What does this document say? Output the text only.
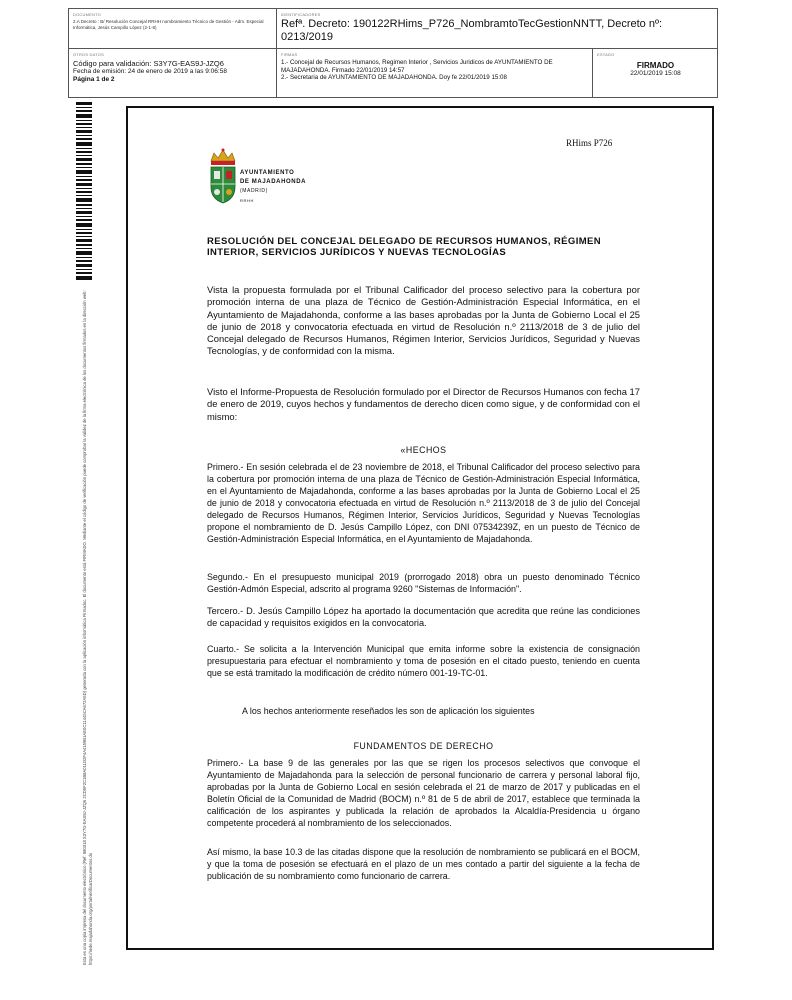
DOCUMENTO
2.A Decreto : B/ Resolución Concejal RRHH nombramiento Técnico de Gestión - Adm. Especial Informática, Jesús Campillo López (2-1-8)
IDENTIFICADORES
Refª. Decreto: 190122RHims_P726_NombramtoTecGestionNNTT, Decreto nº: 0213/2019
OTROS DATOS
Código para validación: S3Y7G-EAS9J-JZQ6
Fecha de emisión: 24 de enero de 2019 a las 9:06:58
Página 1 de 2
FIRMAS
1.- Concejal de Recursos Humanos, Regimen Interior , Servicios Juridicos de AYUNTAMIENTO DE MAJADAHONDA. Firmado 22/01/2019 14:57
2.- Secretaria de AYUNTAMIENTO DE MAJADAHONDA. Doy fe 22/01/2019 15:08
ESTADO
FIRMADO
22/01/2019 15:08
Esta es una copia impresa del documento electrónico (Ref: 980318 S3Y7G-EAS9J-JZQ6 2CD5F2C1B8A011D2F4A4159B1AE0C11445CA672A5D) generada con la aplicación informática Firmadoc. El documento está FIRMADO. Mediante el código de verificación puede comprobar la validez de la firma electrónica de los documentos firmados en la dirección web: https://sede.majadahonda.org/portal/verificarDocumentos.do
RHims P726
AYUNTAMIENTO
DE MAJADAHONDA
(MADRID)
RRHH
RESOLUCIÓN DEL CONCEJAL DELEGADO DE RECURSOS HUMANOS, RÉGIMEN INTERIOR, SERVICIOS JURÍDICOS Y NUEVAS TECNOLOGÍAS

Vista la propuesta formulada por el Tribunal Calificador del proceso selectivo para la cobertura por promoción interna de una plaza de Técnico de Gestión-Administración Especial Informática, en el Ayuntamiento de Majadahonda, conforme a las bases aprobadas por la Junta de Gobierno Local el 25 de junio de 2018 y convocatoria efectuada en virtud de Resolución n.º 2113/2018 de 3 de julio del Concejal delegado de Recursos Humanos, Régimen Interior, Servicios Jurídicos, Seguridad y Nuevas Tecnologías, y de conformidad con la misma.

Visto el Informe-Propuesta de Resolución formulado por el Director de Recursos Humanos con fecha 17 de enero de 2019, cuyos hechos y fundamentos de derecho dicen como sigue, y de conformidad con el mismo:

«HECHOS

Primero.- En sesión celebrada el de 23 noviembre de 2018, el Tribunal Calificador del proceso selectivo para la cobertura por promoción interna de una plaza de Técnico de Gestión-Administración Especial Informática, en el Ayuntamiento de Majadahonda, conforme a las bases aprobadas por la Junta de Gobierno Local el 25 de junio de 2018 y convocatoria efectuada en virtud de Resolución n.º 2113/2018 de 3 de julio del Concejal delegado de Recursos Humanos, Régimen Interior, Servicios Jurídicos, Seguridad y Nuevas Tecnologías propone el nombramiento de D. Jesús Campillo López, con DNI 07534239Z, en un puesto de Técnico de Gestión-Administración Especial Informática, en el Ayuntamiento de Majadahonda.

Segundo.- En el presupuesto municipal 2019 (prorrogado 2018) obra un puesto denominado Técnico Gestión-Admón Especial, adscrito al programa 9260 "Sistemas de Información".

Tercero.- D. Jesús Campillo López ha aportado la documentación que acredita que reúne las condiciones de capacidad y requisitos exigidos en la convocatoria.

Cuarto.- Se solicita a la Intervención Municipal que emita informe sobre la existencia de consignación presupuestaria para efectuar el nombramiento y toma de posesión en el citado puesto, teniendo en cuenta que se está tramitado la modificación de crédito número 001-19-TC-01.

A los hechos anteriormente reseñados les son de aplicación los siguientes
FUNDAMENTOS DE DERECHO

Primero.- La base 9 de las generales por las que se rigen los procesos selectivos que convoque el Ayuntamiento de Majadahonda para la selección de personal funcionario de carrera y personal laboral fijo, aprobadas por la Junta de Gobierno Local en sesión celebrada el 21 de marzo de 2017 y publicadas en el Boletín Oficial de la Comunidad de Madrid (BOCM) n.º 81 de 5 de abril de 2017, establece que terminada la calificación de los aspirantes y publicada la relación de aprobados la Alcaldía-Presidencia u órgano competente procederá al nombramiento de los seleccionados.

Así mismo, la base 10.3 de las citadas dispone que la resolución de nombramiento se publicará en el BOCM, y que la toma de posesión se efectuará en el plazo de un mes contado a partir del siguiente a la fecha de publicación de su nombramiento como funcionario de carrera.
